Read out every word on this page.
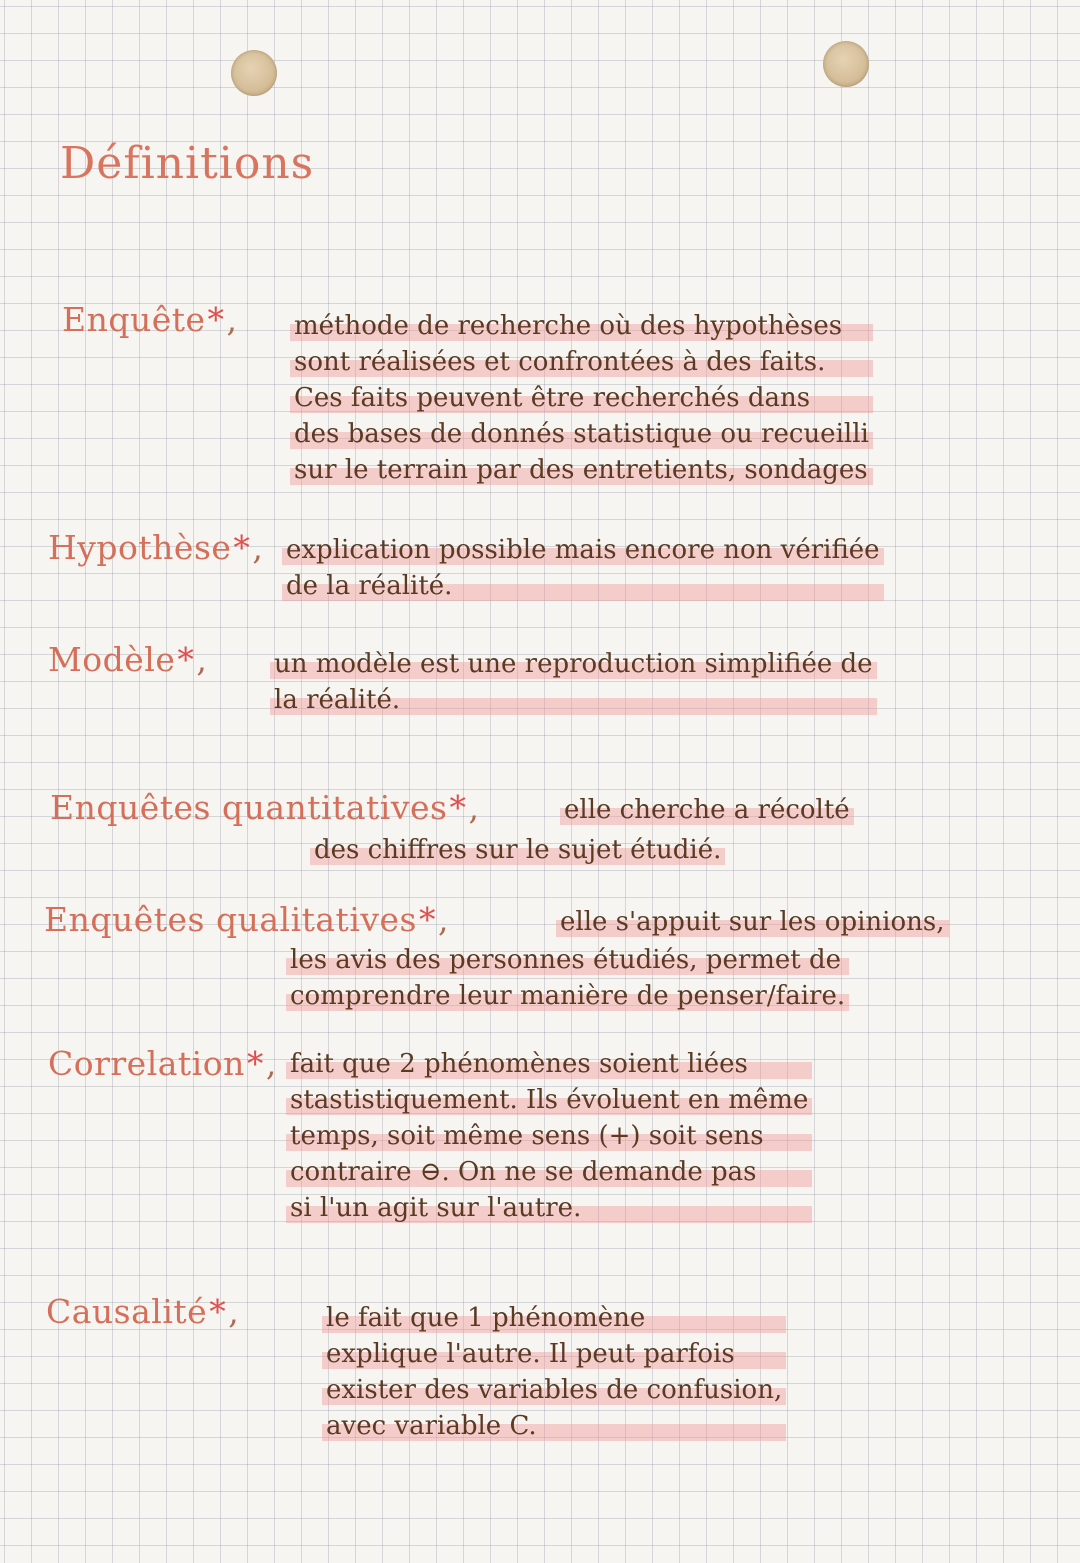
Définitions
Enquête*, méthode de recherche où des hypothèses
sont réalisées et confrontées à des faits.
Ces faits peuvent être recherchés dans
des bases de donnés statistique ou recueilli
sur le terrain par des entretients, sondages
Hypothèse*, explication possible mais encore non vérifiée
de la réalité.
Modèle*,	un modèle est une reproduction simplifiée de
la réalité.
Enquêtes quantitatives*,	elle cherche a récolté
des chiffres sur le sujet étudié.
Enquêtes qualitatives*,	elle s'appuit sur les opinions,
les avis des personnes étudiés, permet de
comprendre leur manière de penser/faire.
Correlation*, fait que 2 phénomènes soient liées
stastistiquement. Ils évoluent en même
temps, soit même sens (+) soit sens
contraire ⊖. On ne se demande pas
si l'un agit sur l'autre.
Causalité*,	le fait que 1 phénomène
explique l'autre. Il peut parfois
exister des variables de confusion,
avec variable C.
